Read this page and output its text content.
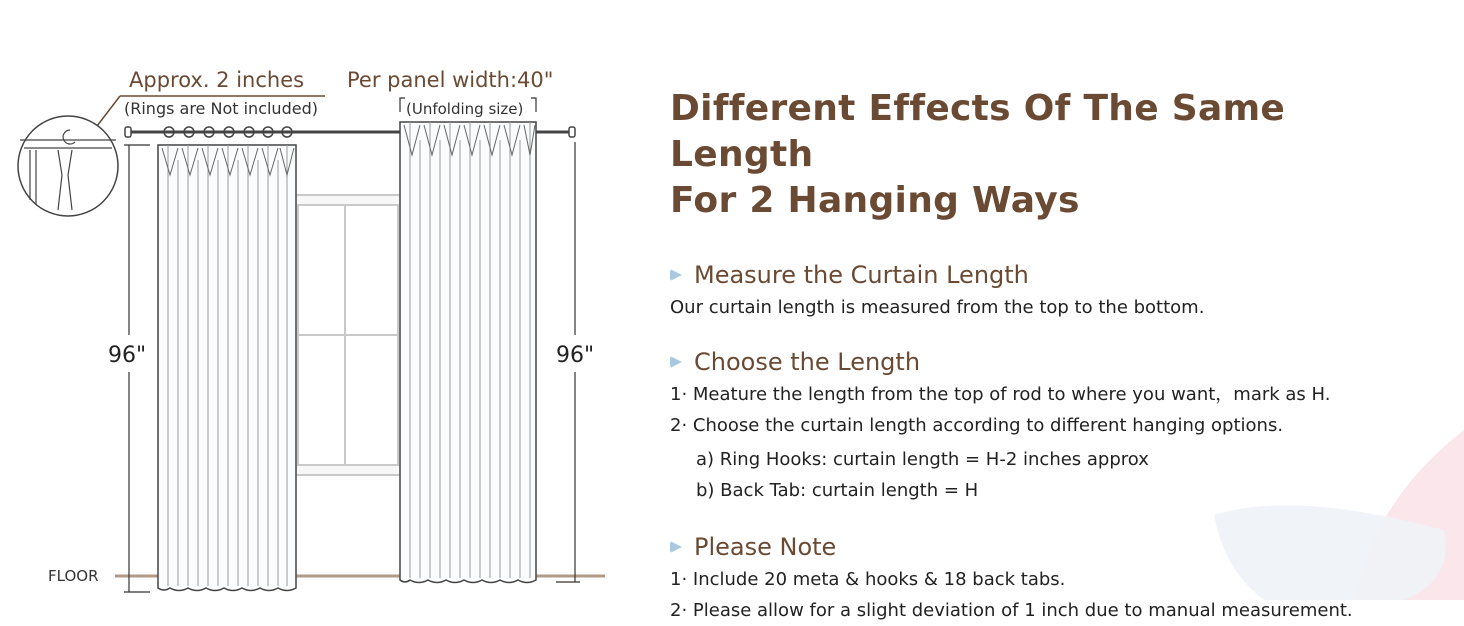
FLOOR
96"	96"
Per panel width:40"
(Unfolding size)
Approx. 2 inches
(Rings are Not included)	Different Effects Of The Same Length
For 2 Hanging Ways
Measure the Curtain Length
Our curtain length is measured from the top to the bottom.
Choose the Length
1· Meature the length from the top of rod to where you want，mark as H.
2· Choose the curtain length according to different hanging options.
a) Ring Hooks: curtain length = H-2 inches approx
b) Back Tab: curtain length = H
Please Note
1· Include 20 meta & hooks & 18 back tabs.
2· Please allow for a slight deviation of 1 inch due to manual measurement.
